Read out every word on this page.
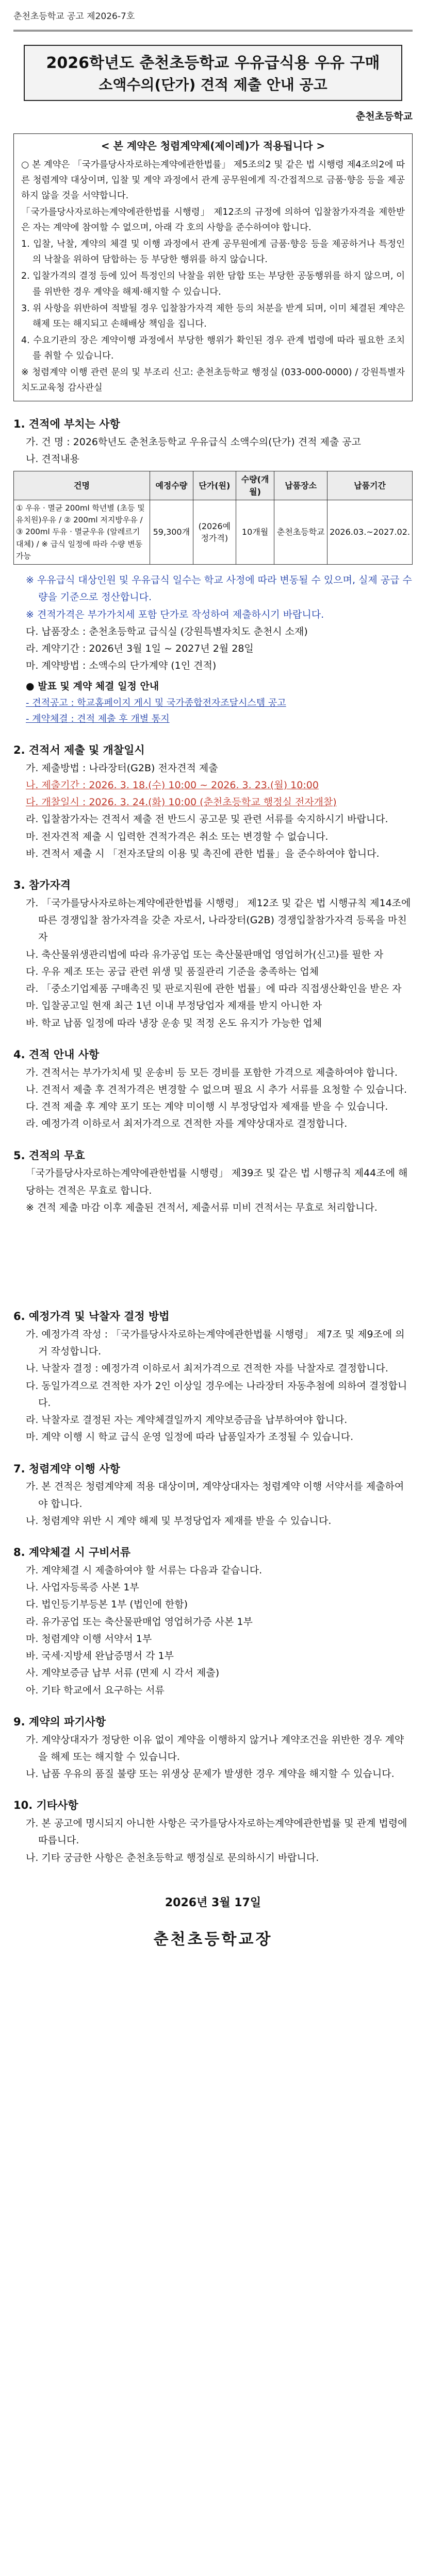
춘천초등학교 공고 제2026-7호
2026학년도 춘천초등학교 우유급식용 우유 구매
소액수의(단가) 견적 제출 안내 공고
춘천초등학교
< 본 계약은 청렴계약제(제이레)가 적용됩니다 >

○ 본 계약은 「국가를당사자로하는계약에관한법률」 제5조의2 및 같은 법 시행령 제4조의2에 따른 청렴계약 대상이며, 입찰 및 계약 과정에서 관계 공무원에게 직·간접적으로 금품·향응 등을 제공하지 않을 것을 서약합니다.

「국가를당사자로하는계약에관한법률 시행령」 제12조의 규정에 의하여 입찰참가자격을 제한받은 자는 계약에 참여할 수 없으며, 아래 각 호의 사항을 준수하여야 합니다.

1. 입찰, 낙찰, 계약의 체결 및 이행 과정에서 관계 공무원에게 금품·향응 등을 제공하거나 특정인의 낙찰을 위하여 담합하는 등 부당한 행위를 하지 않습니다.

2. 입찰가격의 결정 등에 있어 특정인의 낙찰을 위한 담합 또는 부당한 공동행위를 하지 않으며, 이를 위반한 경우 계약을 해제·해지할 수 있습니다.

3. 위 사항을 위반하여 적발될 경우 입찰참가자격 제한 등의 처분을 받게 되며, 이미 체결된 계약은 해제 또는 해지되고 손해배상 책임을 집니다.

4. 수요기관의 장은 계약이행 과정에서 부당한 행위가 확인된 경우 관계 법령에 따라 필요한 조치를 취할 수 있습니다.

※ 청렴계약 이행 관련 문의 및 부조리 신고: 춘천초등학교 행정실 (033-000-0000) / 강원특별자치도교육청 감사관실

1. 견적에 부치는 사항
가. 건 명 : 2026학년도 춘천초등학교 우유급식 소액수의(단가) 견적 제출 공고
나. 견적내용
건명	예정수량	단가(원)	수량(개월)	납품장소	납품기간
① 우유 · 멸균 200ml 학년별 (초등 및 유치원)우유 / ② 200ml 저지방우유 / ③ 200ml 두유 · 멸균우유 (알레르기 대체) / ※ 급식 일정에 따라 수량 변동 가능	59,300개	(2026예정가격)	10개월	춘천초등학교	2026.03.~2027.02.
※ 우유급식 대상인원 및 우유급식 일수는 학교 사정에 따라 변동될 수 있으며, 실제 공급 수량을 기준으로 정산합니다.
※ 견적가격은 부가가치세 포함 단가로 작성하여 제출하시기 바랍니다.
다. 납품장소 : 춘천초등학교 급식실 (강원특별자치도 춘천시 소재)
라. 계약기간 : 2026년 3월 1일 ~ 2027년 2월 28일
마. 계약방법 : 소액수의 단가계약 (1인 견적)
● 발표 및 계약 체결 일정 안내
- 견적공고 : 학교홈페이지 게시 및 국가종합전자조달시스템 공고
- 계약체결 : 견적 제출 후 개별 통지
2. 견적서 제출 및 개찰일시
가. 제출방법 : 나라장터(G2B) 전자견적 제출
나. 제출기간 : 2026. 3. 18.(수) 10:00 ~ 2026. 3. 23.(월) 10:00
다. 개찰일시 : 2026. 3. 24.(화) 10:00 (춘천초등학교 행정실 전자개찰)
라. 입찰참가자는 견적서 제출 전 반드시 공고문 및 관련 서류를 숙지하시기 바랍니다.
마. 전자견적 제출 시 입력한 견적가격은 취소 또는 변경할 수 없습니다.
바. 견적서 제출 시 「전자조달의 이용 및 촉진에 관한 법률」을 준수하여야 합니다.
3. 참가자격
가. 「국가를당사자로하는계약에관한법률 시행령」 제12조 및 같은 법 시행규칙 제14조에 따른 경쟁입찰 참가자격을 갖춘 자로서, 나라장터(G2B) 경쟁입찰참가자격 등록을 마친 자
나. 축산물위생관리법에 따라 유가공업 또는 축산물판매업 영업허가(신고)를 필한 자
다. 우유 제조 또는 공급 관련 위생 및 품질관리 기준을 충족하는 업체
라. 「중소기업제품 구매촉진 및 판로지원에 관한 법률」에 따라 직접생산확인을 받은 자
마. 입찰공고일 현재 최근 1년 이내 부정당업자 제재를 받지 아니한 자
바. 학교 납품 일정에 따라 냉장 운송 및 적정 온도 유지가 가능한 업체
4. 견적 안내 사항
가. 견적서는 부가가치세 및 운송비 등 모든 경비를 포함한 가격으로 제출하여야 합니다.
나. 견적서 제출 후 견적가격은 변경할 수 없으며 필요 시 추가 서류를 요청할 수 있습니다.
다. 견적 제출 후 계약 포기 또는 계약 미이행 시 부정당업자 제재를 받을 수 있습니다.
라. 예정가격 이하로서 최저가격으로 견적한 자를 계약상대자로 결정합니다.
5. 견적의 무효
「국가를당사자로하는계약에관한법률 시행령」 제39조 및 같은 법 시행규칙 제44조에 해당하는 견적은 무효로 합니다.
※ 견적 제출 마감 이후 제출된 견적서, 제출서류 미비 견적서는 무효로 처리합니다.
6. 예정가격 및 낙찰자 결정 방법
가. 예정가격 작성 : 「국가를당사자로하는계약에관한법률 시행령」 제7조 및 제9조에 의거 작성합니다.
나. 낙찰자 결정 : 예정가격 이하로서 최저가격으로 견적한 자를 낙찰자로 결정합니다.
다. 동일가격으로 견적한 자가 2인 이상일 경우에는 나라장터 자동추첨에 의하여 결정합니다.
라. 낙찰자로 결정된 자는 계약체결일까지 계약보증금을 납부하여야 합니다.
마. 계약 이행 시 학교 급식 운영 일정에 따라 납품일자가 조정될 수 있습니다.
7. 청렴계약 이행 사항
가. 본 견적은 청렴계약제 적용 대상이며, 계약상대자는 청렴계약 이행 서약서를 제출하여야 합니다.
나. 청렴계약 위반 시 계약 해제 및 부정당업자 제재를 받을 수 있습니다.
8. 계약체결 시 구비서류
가. 계약체결 시 제출하여야 할 서류는 다음과 같습니다.
나. 사업자등록증 사본 1부
다. 법인등기부등본 1부 (법인에 한함)
라. 유가공업 또는 축산물판매업 영업허가증 사본 1부
마. 청렴계약 이행 서약서 1부
바. 국세·지방세 완납증명서 각 1부
사. 계약보증금 납부 서류 (면제 시 각서 제출)
아. 기타 학교에서 요구하는 서류
9. 계약의 파기사항
가. 계약상대자가 정당한 이유 없이 계약을 이행하지 않거나 계약조건을 위반한 경우 계약을 해제 또는 해지할 수 있습니다.
나. 납품 우유의 품질 불량 또는 위생상 문제가 발생한 경우 계약을 해지할 수 있습니다.
10. 기타사항
가. 본 공고에 명시되지 아니한 사항은 국가를당사자로하는계약에관한법률 및 관계 법령에 따릅니다.
나. 기타 궁금한 사항은 춘천초등학교 행정실로 문의하시기 바랍니다.
2026년 3월 17일
춘천초등학교장
